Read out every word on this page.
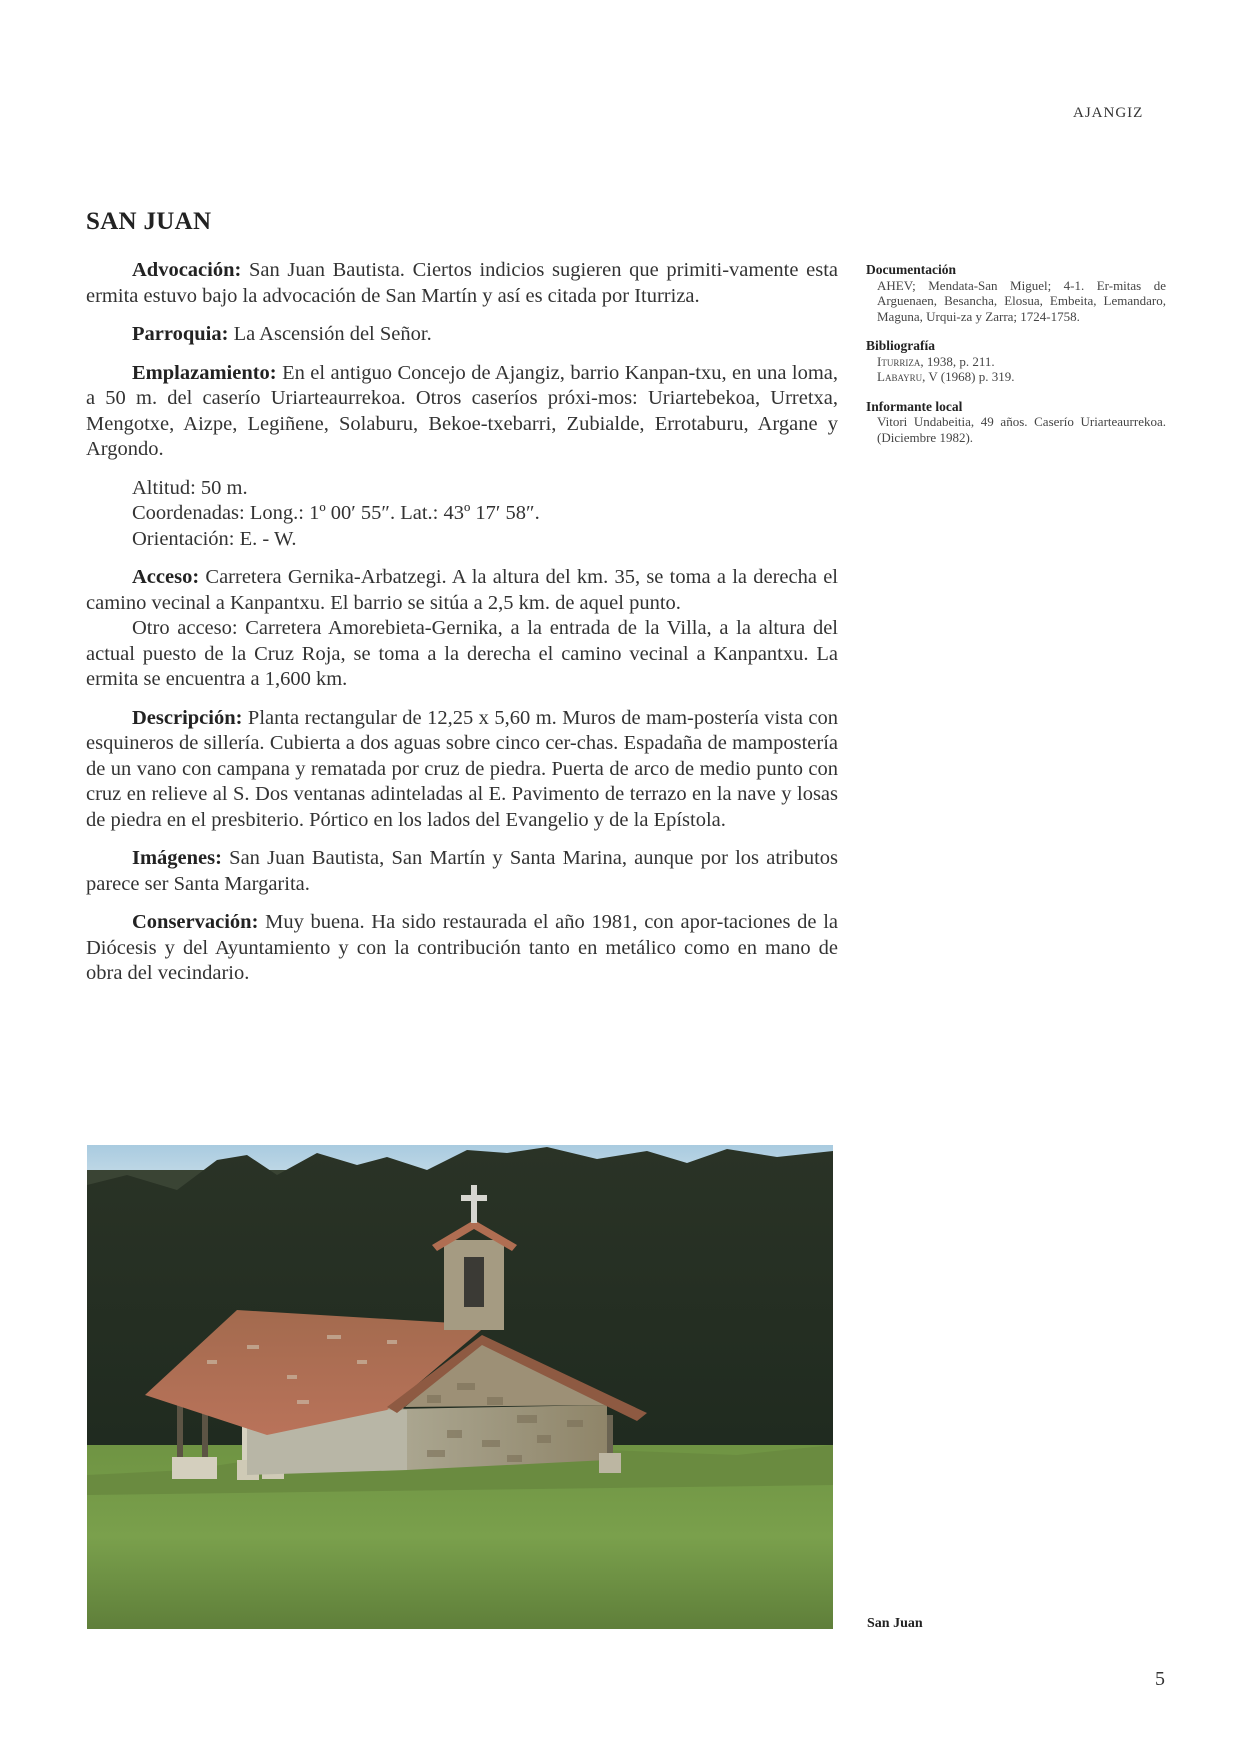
AJANGIZ
SAN JUAN

Advocación: San Juan Bautista. Ciertos indicios sugieren que primiti-vamente esta ermita estuvo bajo la advocación de San Martín y así es citada por Iturriza.

Parroquia: La Ascensión del Señor.

Emplazamiento: En el antiguo Concejo de Ajangiz, barrio Kanpan-txu, en una loma, a 50 m. del caserío Uriarteaurrekoa. Otros caseríos próxi-mos: Uriartebekoa, Urretxa, Mengotxe, Aizpe, Legiñene, Solaburu, Bekoe-txebarri, Zubialde, Errotaburu, Argane y Argondo.

Altitud: 50 m.
Coordenadas: Long.: 1º 00′ 55″. Lat.: 43º 17′ 58″.
Orientación: E. - W.

Acceso: Carretera Gernika-Arbatzegi. A la altura del km. 35, se toma a la derecha el camino vecinal a Kanpantxu. El barrio se sitúa a 2,5 km. de aquel punto.

Otro acceso: Carretera Amorebieta-Gernika, a la entrada de la Villa, a la altura del actual puesto de la Cruz Roja, se toma a la derecha el camino vecinal a Kanpantxu. La ermita se encuentra a 1,600 km.

Descripción: Planta rectangular de 12,25 x 5,60 m. Muros de mam-postería vista con esquineros de sillería. Cubierta a dos aguas sobre cinco cer-chas. Espadaña de mampostería de un vano con campana y rematada por cruz de piedra. Puerta de arco de medio punto con cruz en relieve al S. Dos ventanas adinteladas al E. Pavimento de terrazo en la nave y losas de piedra en el presbiterio. Pórtico en los lados del Evangelio y de la Epístola.

Imágenes: San Juan Bautista, San Martín y Santa Marina, aunque por los atributos parece ser Santa Margarita.

Conservación: Muy buena. Ha sido restaurada el año 1981, con apor-taciones de la Diócesis y del Ayuntamiento y con la contribución tanto en metálico como en mano de obra del vecindario.

Documentación
AHEV; Mendata-San Miguel; 4-1. Er-mitas de Arguenaen, Besancha, Elosua, Embeita, Lemandaro, Maguna, Urqui-za y Zarra; 1724-1758.
Bibliografía
Iturriza, 1938, p. 211.
Labayru, V (1968) p. 319.
Informante local
Vitori Undabeitia, 49 años. Caserío Uriarteaurrekoa. (Diciembre 1982).
San Juan
5
